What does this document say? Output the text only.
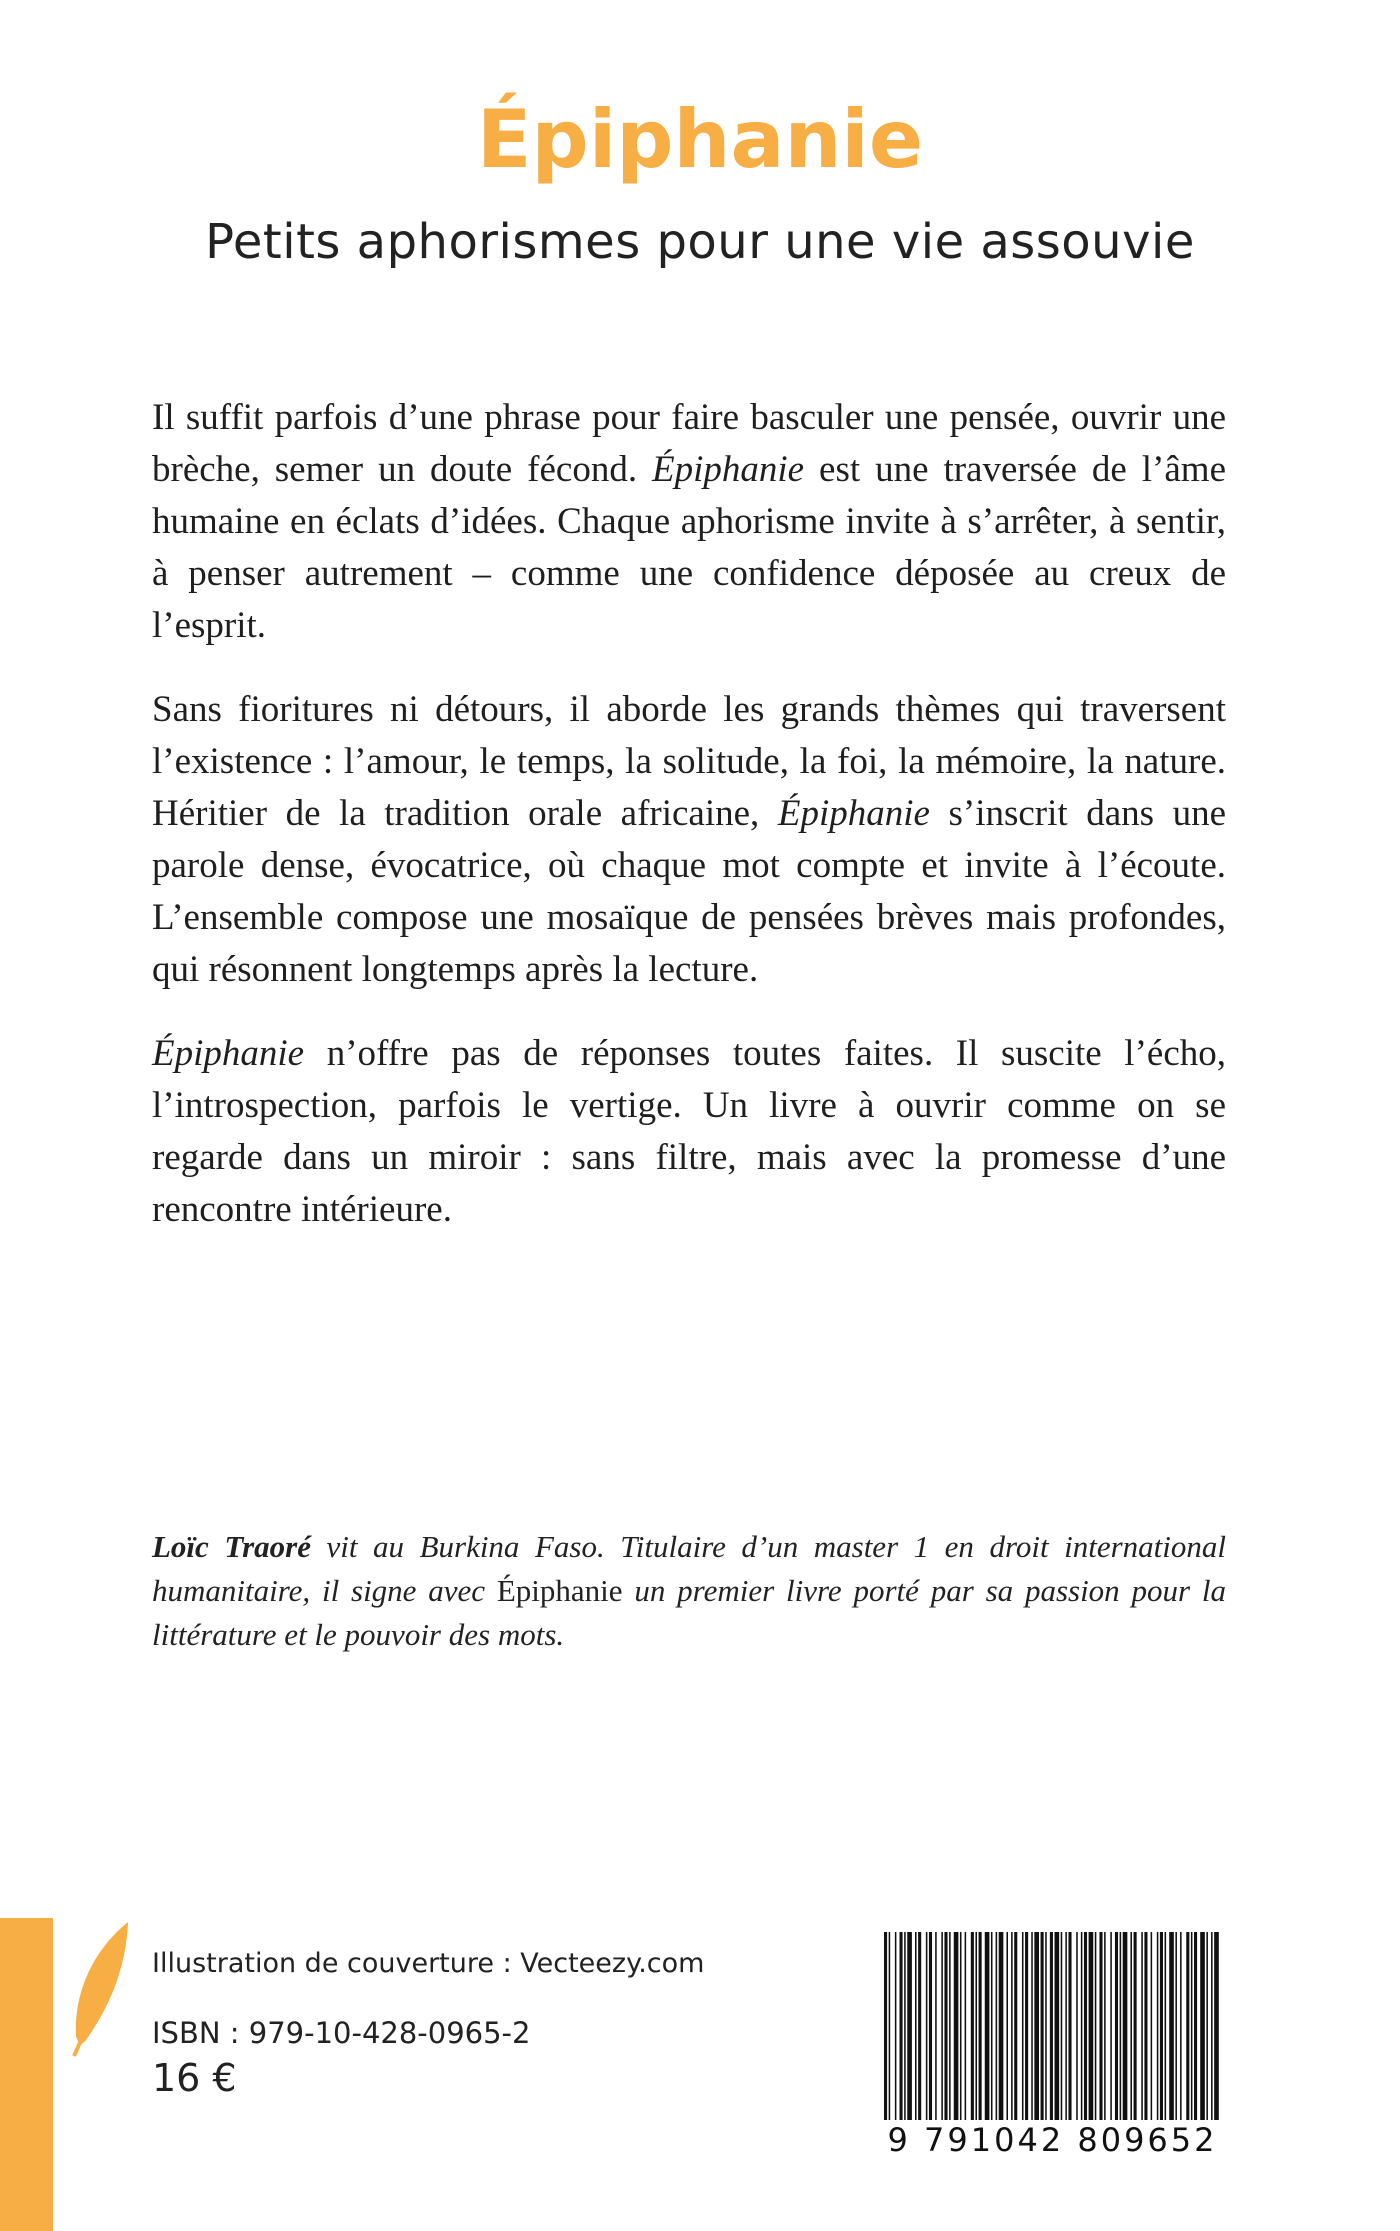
Épiphanie
Petits aphorismes pour une vie assouvie

Il suffit parfois d’une phrase pour faire basculer une pensée, ouvrir une brèche, semer un doute fécond. Épiphanie est une traversée de l’âme humaine en éclats d’idées. Chaque aphorisme invite à s’arrêter, à sentir, à penser autrement – comme une confidence déposée au creux de l’esprit.

Sans fioritures ni détours, il aborde les grands thèmes qui traversent l’existence : l’amour, le temps, la solitude, la foi, la mémoire, la nature. Héritier de la tradition orale africaine, Épiphanie s’inscrit dans une parole dense, évocatrice, où chaque mot compte et invite à l’écoute. L’ensemble compose une mosaïque de pensées brèves mais profondes, qui résonnent longtemps après la lecture.

Épiphanie n’offre pas de réponses toutes faites. Il suscite l’écho, l’introspection, parfois le vertige. Un livre à ouvrir comme on se regarde dans un miroir : sans filtre, mais avec la promesse d’une rencontre intérieure.

Loïc Traoré vit au Burkina Faso. Titulaire d’un master 1 en droit international humanitaire, il signe avec Épiphanie un premier livre porté par sa passion pour la littérature et le pouvoir des mots.

Illustration de couverture : Vecteezy.com

ISBN : 979-10-428-0965-2

16 €

9 791042 809652
